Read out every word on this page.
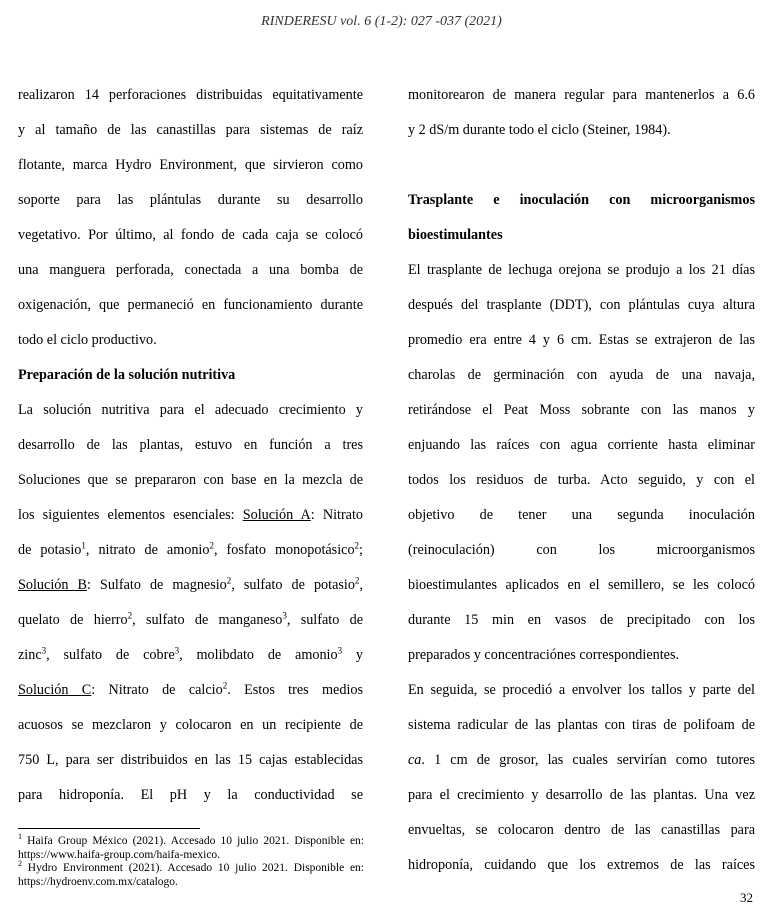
RINDERESU vol. 6 (1-2): 027 -037 (2021)

realizaron 14 perforaciones distribuidas equitativamente

y al tamaño de las canastillas para sistemas de raíz

flotante, marca Hydro Environment, que sirvieron como

soporte para las plántulas durante su desarrollo

vegetativo. Por último, al fondo de cada caja se colocó

una manguera perforada, conectada a una bomba de

oxigenación, que permaneció en funcionamiento durante

todo el ciclo productivo.

Preparación de la solución nutritiva

La solución nutritiva para el adecuado crecimiento y

desarrollo de las plantas, estuvo en función a tres

Soluciones que se prepararon con base en la mezcla de

los siguientes elementos esenciales: Solución A: Nitrato

de potasio$^1$, nitrato de amonio$^2$, fosfato monopotásico$^2$;

Solución B: Sulfato de magnesio$^2$, sulfato de potasio$^2$,

quelato de hierro$^2$, sulfato de manganeso$^3$, sulfato de

zinc$^3$, sulfato de cobre$^3$, molibdato de amonio$^3$ y

Solución C: Nitrato de calcio$^2$. Estos tres medios

acuosos se mezclaron y colocaron en un recipiente de

750 L, para ser distribuidos en las 15 cajas establecidas

para hidroponía. El pH y la conductividad se

monitorearon de manera regular para mantenerlos a 6.6

y 2 dS/m durante todo el ciclo (Steiner, 1984).

Trasplante e inoculación con microorganismos
bioestimulantes

El trasplante de lechuga orejona se produjo a los 21 días

después del trasplante (DDT), con plántulas cuya altura

promedio era entre 4 y 6 cm. Estas se extrajeron de las

charolas de germinación con ayuda de una navaja,

retirándose el Peat Moss sobrante con las manos y

enjuando las raíces con agua corriente hasta eliminar

todos los residuos de turba. Acto seguido, y con el

objetivo de tener una segunda inoculación

(reinoculación) con los microorganismos

bioestimulantes aplicados en el semillero, se les colocó

durante 15 min en vasos de precipitado con los

preparados y concentraciónes correspondientes.

En seguida, se procedió a envolver los tallos y parte del

sistema radicular de las plantas con tiras de polifoam de

ca. 1 cm de grosor, las cuales servirían como tutores

para el crecimiento y desarrollo de las plantas. Una vez

envueltas, se colocaron dentro de las canastillas para

hidroponía, cuidando que los extremos de las raíces

$^1$ Haifa Group México (2021). Accesado 10 julio 2021. Disponible en: https://www.haifa-group.com/haifa-mexico.

$^2$ Hydro Environment (2021). Accesado 10 julio 2021. Disponible en: https://hydroenv.com.mx/catalogo.

32
